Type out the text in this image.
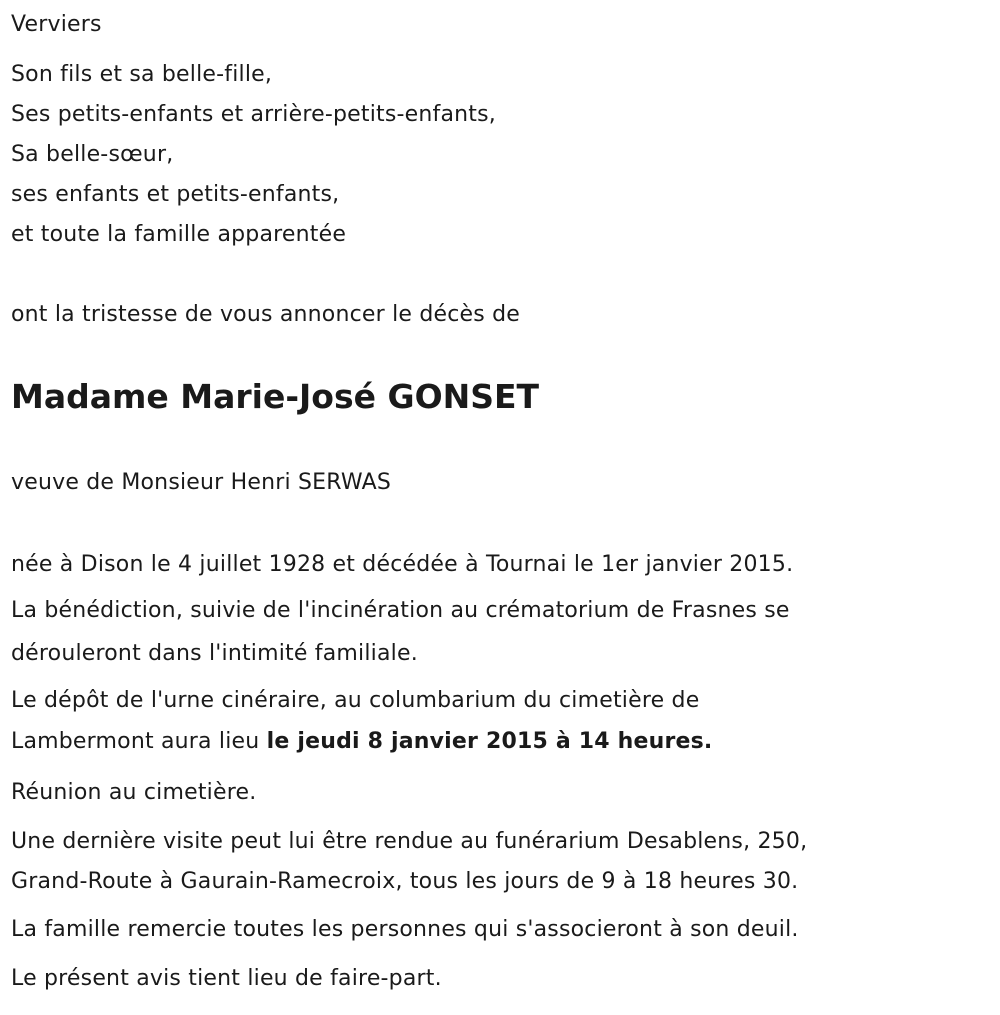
Verviers
Son fils et sa belle-fille,
Ses petits-enfants et arrière-petits-enfants,
Sa belle-sœur,
ses enfants et petits-enfants,
et toute la famille apparentée
ont la tristesse de vous annoncer le décès de
Madame Marie-José GONSET
veuve de Monsieur Henri SERWAS
née à Dison le 4 juillet 1928 et décédée à Tournai le 1er janvier 2015.
La bénédiction, suivie de l'incinération au crématorium de Frasnes se
dérouleront dans l'intimité familiale.
Le dépôt de l'urne cinéraire, au columbarium du cimetière de
Lambermont aura lieu le jeudi 8 janvier 2015 à 14 heures.
Réunion au cimetière.
Une dernière visite peut lui être rendue au funérarium Desablens, 250,
Grand-Route à Gaurain-Ramecroix, tous les jours de 9 à 18 heures 30.
La famille remercie toutes les personnes qui s'associeront à son deuil.
Le présent avis tient lieu de faire-part.
